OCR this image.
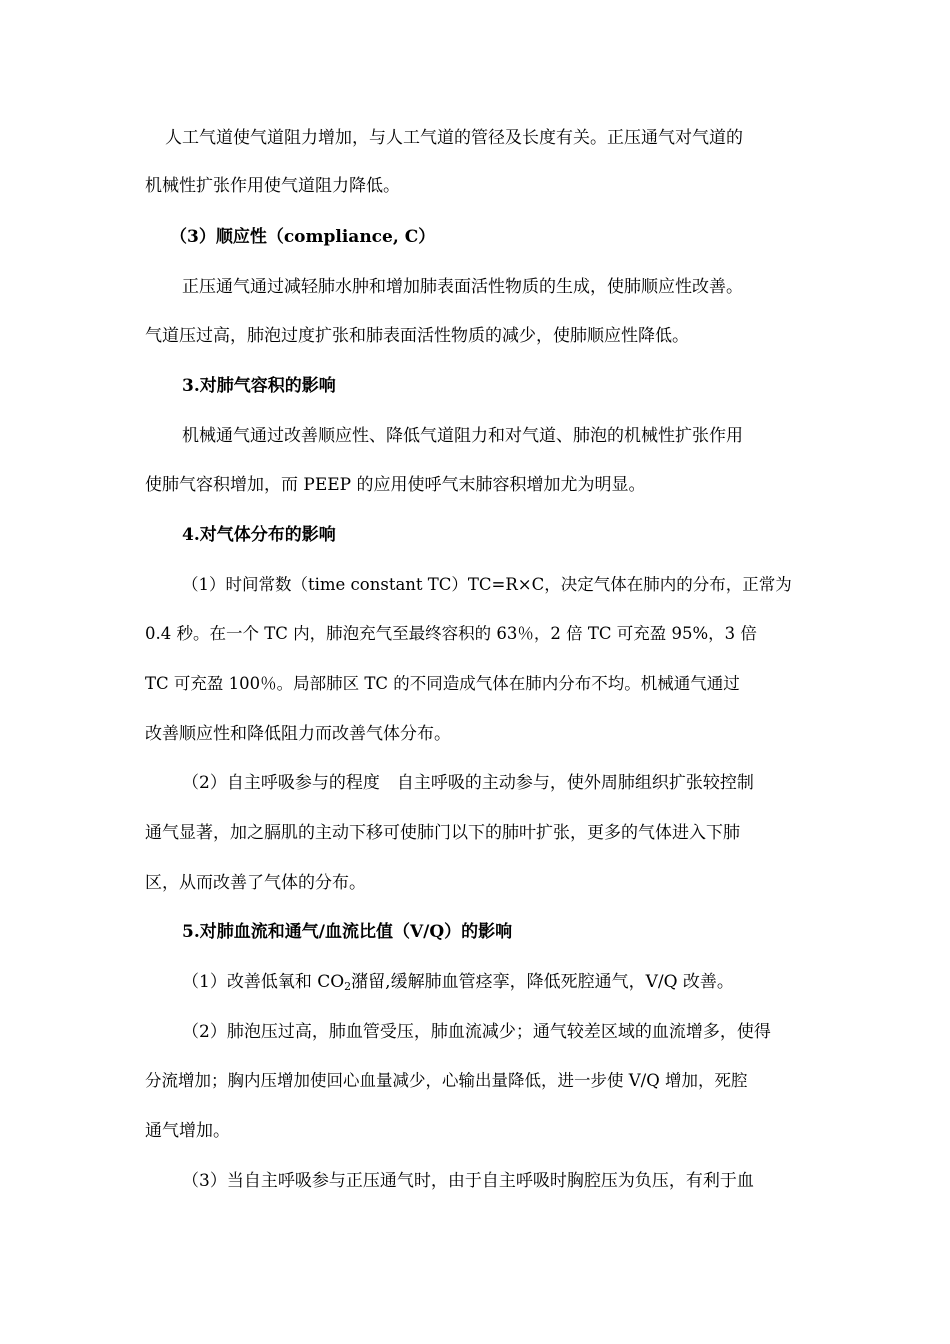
人工气道使气道阻力增加，与人工气道的管径及长度有关。正压通气对气道的
机械性扩张作用使气道阻力降低。
（3）顺应性（compliance, C）
正压通气通过减轻肺水肿和增加肺表面活性物质的生成，使肺顺应性改善。
气道压过高，肺泡过度扩张和肺表面活性物质的减少，使肺顺应性降低。
3.对肺气容积的影响
机械通气通过改善顺应性、降低气道阻力和对气道、肺泡的机械性扩张作用
使肺气容积增加，而 PEEP 的应用使呼气末肺容积增加尤为明显。
4.对气体分布的影响
（1）时间常数（time constant TC）TC=R×C，决定气体在肺内的分布，正常为
0.4 秒。在一个 TC 内，肺泡充气至最终容积的 63％，2 倍 TC 可充盈 95%，3 倍
TC 可充盈 100％。局部肺区 TC 的不同造成气体在肺内分布不均。机械通气通过
改善顺应性和降低阻力而改善气体分布。
（2）自主呼吸参与的程度　自主呼吸的主动参与，使外周肺组织扩张较控制
通气显著，加之膈肌的主动下移可使肺门以下的肺叶扩张，更多的气体进入下肺
区，从而改善了气体的分布。
5.对肺血流和通气/血流比值（V/Q）的影响
（1）改善低氧和 $CO_2$潴留,缓解肺血管痉挛，降低死腔通气，V/Q 改善。
（2）肺泡压过高，肺血管受压，肺血流减少；通气较差区域的血流增多，使得
分流增加；胸内压增加使回心血量减少，心输出量降低，进一步使 V/Q 增加，死腔
通气增加。
（3）当自主呼吸参与正压通气时，由于自主呼吸时胸腔压为负压，有利于血
